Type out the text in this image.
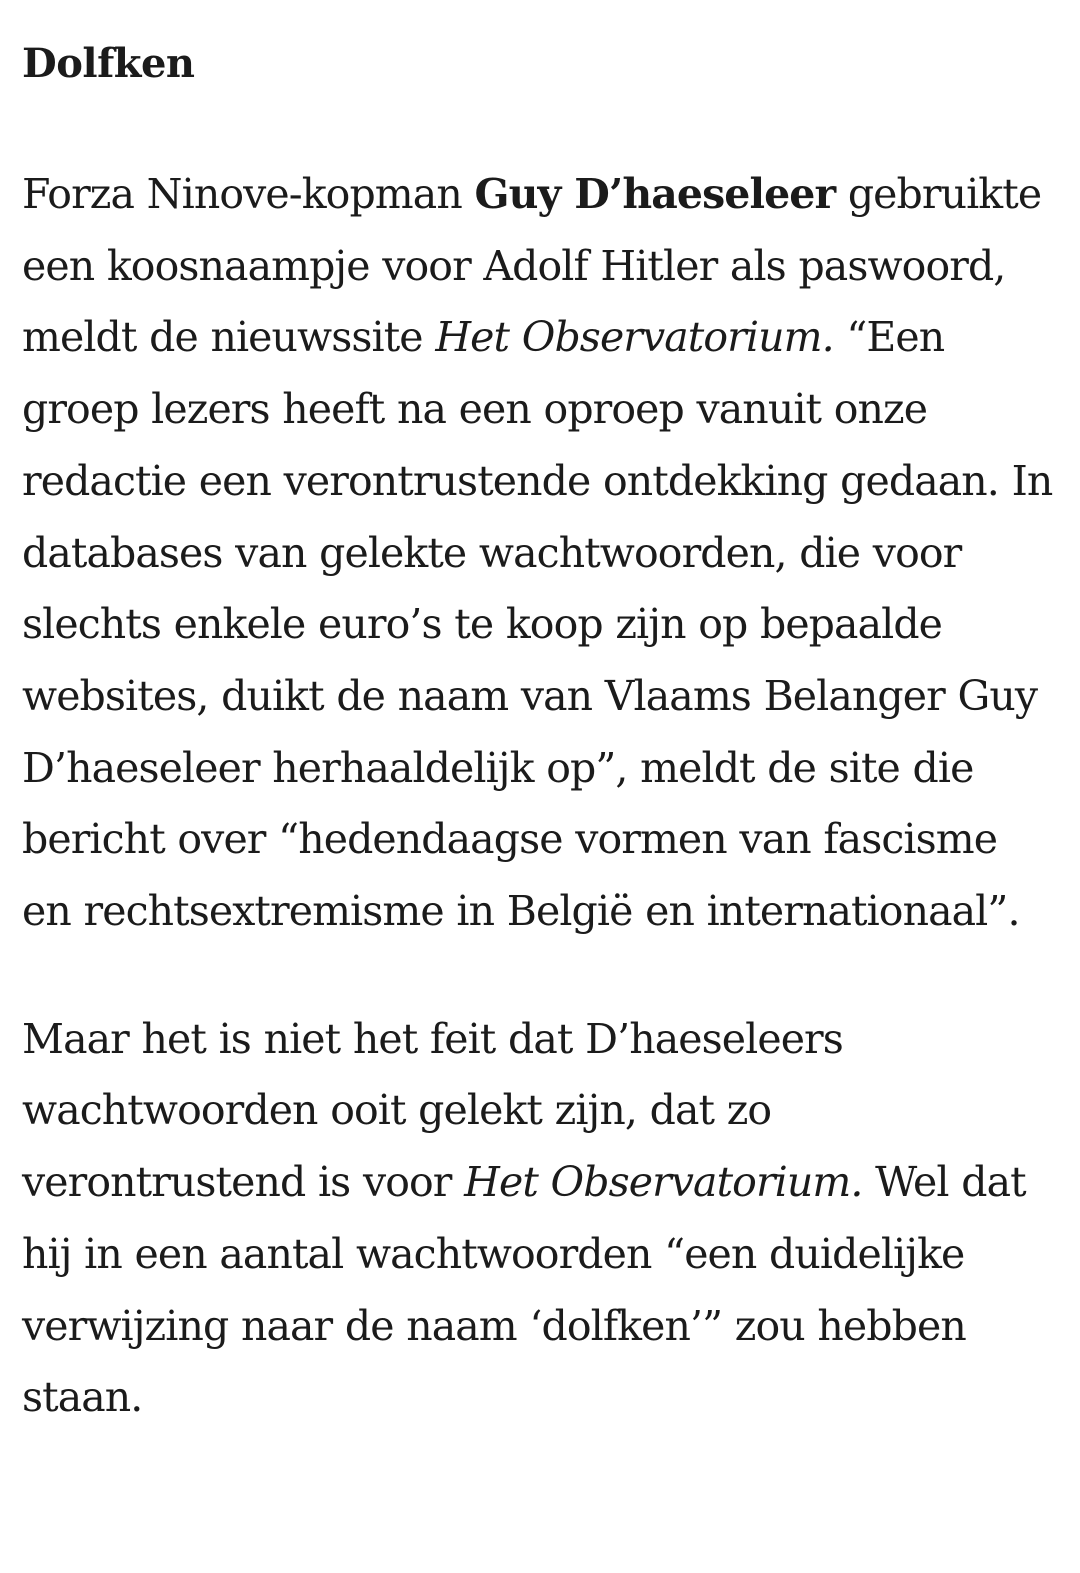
Dolfken

Forza Ninove-kopman Guy D’haeseleer gebruikte een koosnaampje voor Adolf Hitler als paswoord, meldt de nieuwssite Het Observatorium. “Een groep lezers heeft na een oproep vanuit onze redactie een verontrustende ontdekking gedaan. In databases van gelekte wachtwoorden, die voor slechts enkele euro’s te koop zijn op bepaalde websites, duikt de naam van Vlaams Belanger Guy D’haeseleer herhaaldelijk op”, meldt de site die bericht over “hedendaagse vormen van fascisme en rechtsextremisme in België en internationaal”.

Maar het is niet het feit dat D’haeseleers wachtwoorden ooit gelekt zijn, dat zo verontrustend is voor Het Observatorium. Wel dat hij in een aantal wachtwoorden “een duidelijke verwijzing naar de naam ‘dolfken’” zou hebben staan.
